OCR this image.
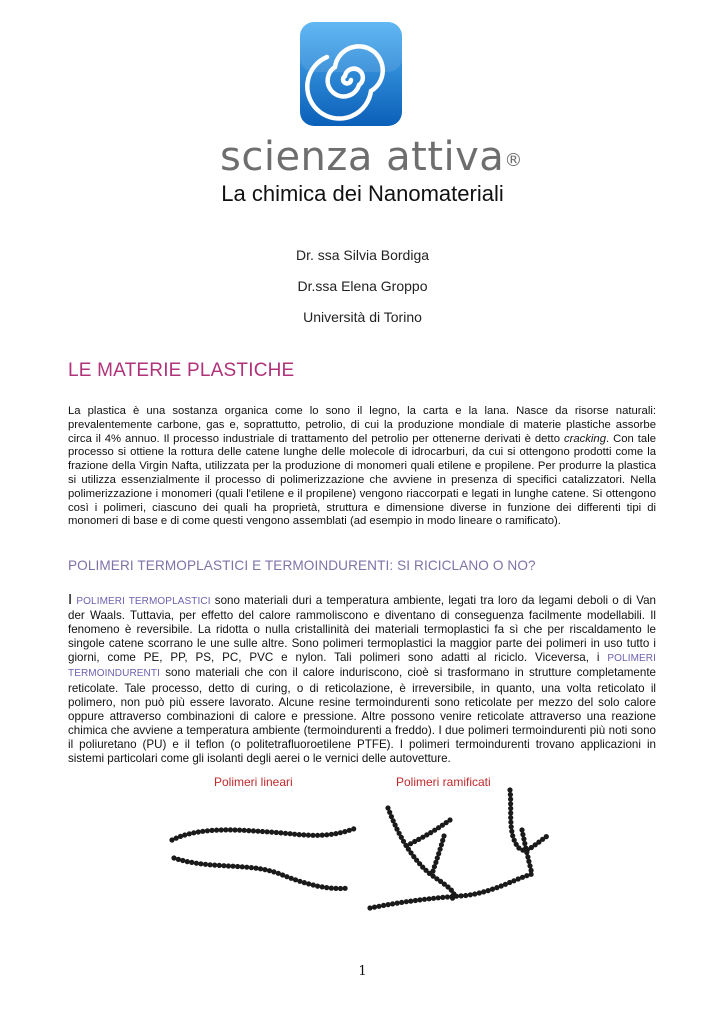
scienza attiva®
La chimica dei Nanomateriali
Dr. ssa Silvia Bordiga
Dr.ssa Elena Groppo
Università di Torino
LE MATERIE PLASTICHE

La plastica è una sostanza organica come lo sono il legno, la carta e la lana. Nasce da risorse naturali: prevalentemente carbone, gas e, soprattutto, petrolio, di cui la produzione mondiale di materie plastiche assorbe circa il 4% annuo. Il processo industriale di trattamento del petrolio per ottenerne derivati è detto cracking. Con tale processo si ottiene la rottura delle catene lunghe delle molecole di idrocarburi, da cui si ottengono prodotti come la frazione della Virgin Nafta, utilizzata per la produzione di monomeri quali etilene e propilene. Per produrre la plastica si utilizza essenzialmente il processo di polimerizzazione che avviene in presenza di specifici catalizzatori. Nella polimerizzazione i monomeri (quali l'etilene e il propilene) vengono riaccorpati e legati in lunghe catene. Si ottengono così i polimeri, ciascuno dei quali ha proprietà, struttura e dimensione diverse in funzione dei differenti tipi di monomeri di base e di come questi vengono assemblati (ad esempio in modo lineare o ramificato).

POLIMERI TERMOPLASTICI E TERMOINDURENTI: SI RICICLANO O NO?

I POLIMERI TERMOPLASTICI sono materiali duri a temperatura ambiente, legati tra loro da legami deboli o di Van der Waals. Tuttavia, per effetto del calore rammoliscono e diventano di conseguenza facilmente modellabili. Il fenomeno è reversibile. La ridotta o nulla cristallinità dei materiali termoplastici fa sì che per riscaldamento le singole catene scorrano le une sulle altre. Sono polimeri termoplastici la maggior parte dei polimeri in uso tutto i giorni, come PE, PP, PS, PC, PVC e nylon. Tali polimeri sono adatti al riciclo. Viceversa, i POLIMERI TERMOINDURENTI sono materiali che con il calore induriscono, cioè si trasformano in strutture completamente reticolate. Tale processo, detto di curing, o di reticolazione, è irreversibile, in quanto, una volta reticolato il polimero, non può più essere lavorato. Alcune resine termoindurenti sono reticolate per mezzo del solo calore oppure attraverso combinazioni di calore e pressione. Altre possono venire reticolate attraverso una reazione chimica che avviene a temperatura ambiente (termoindurenti a freddo). I due polimeri termoindurenti più noti sono il poliuretano (PU) e il teflon (o politetrafluoroetilene PTFE). I polimeri termoindurenti trovano applicazioni in sistemi particolari come gli isolanti degli aerei o le vernici delle autovetture.

Polimeri lineari	Polimeri ramificati
1
